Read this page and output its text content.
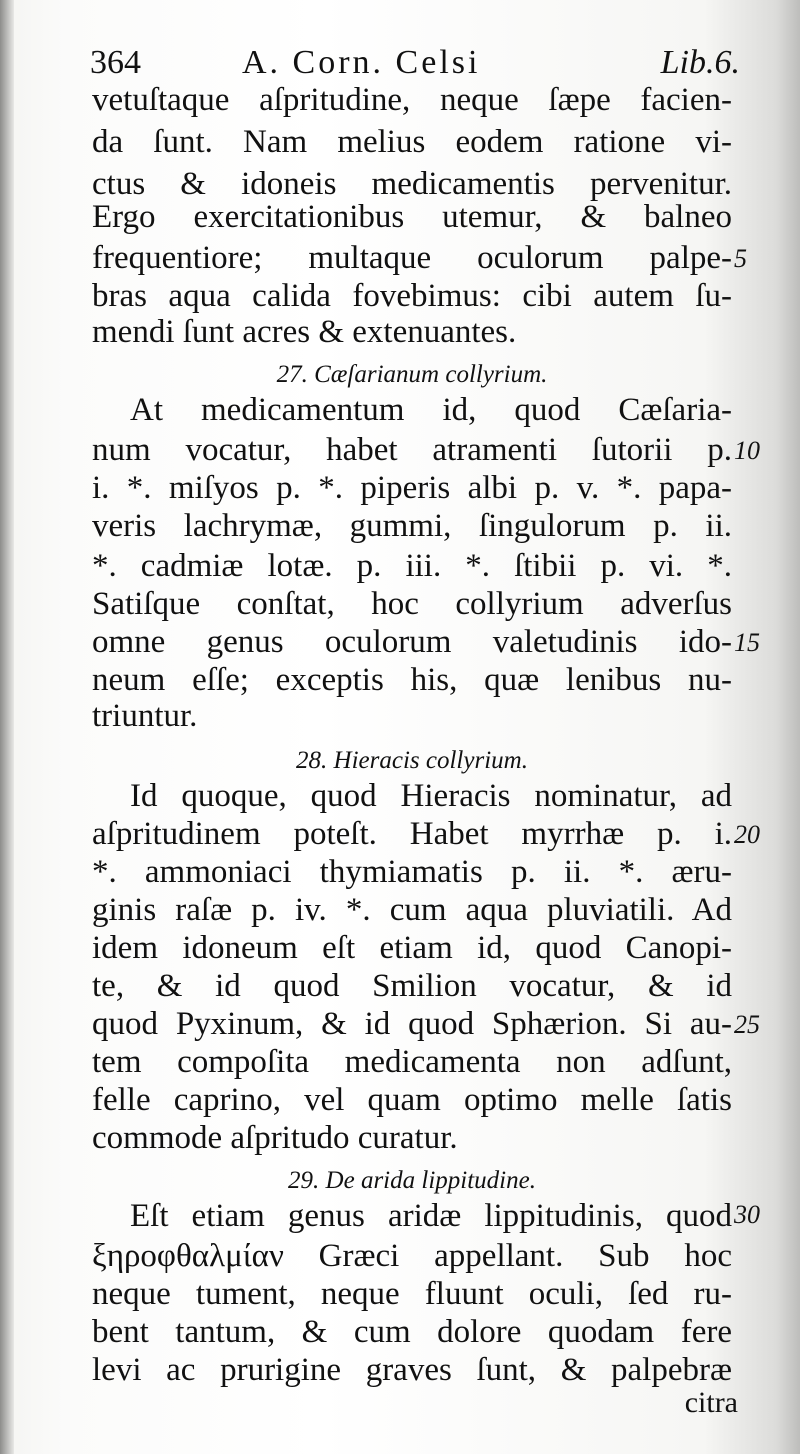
364	A. Corn. Celsi	Lib.6.
vetuſtaque aſpritudine, neque ſæpe facien-
da ſunt. Nam melius eodem ratione vi-
ctus & idoneis medicamentis pervenitur.
Ergo exercitationibus utemur, & balneo
frequentiore; multaque oculorum palpe-
bras aqua calida fovebimus: cibi autem ſu-
mendi ſunt acres & extenuantes.
27. Cæſarianum collyrium.
At medicamentum id, quod Cæſaria-
num vocatur, habet atramenti ſutorii p.
i. *. miſyos p. *. piperis albi p. v. *. papa-
veris lachrymæ, gummi, ſingulorum p. ii.
*. cadmiæ lotæ. p. iii. *. ſtibii p. vi. *.
Satiſque conſtat, hoc collyrium adverſus
omne genus oculorum valetudinis ido-
neum eſſe; exceptis his, quæ lenibus nu-
triuntur.
28. Hieracis collyrium.
Id quoque, quod Hieracis nominatur, ad
aſpritudinem poteſt. Habet myrrhæ p. i.
*. ammoniaci thymiamatis p. ii. *. æru-
ginis raſæ p. iv. *. cum aqua pluviatili. Ad
idem idoneum eſt etiam id, quod Canopi-
te, & id quod Smilion vocatur, & id
quod Pyxinum, & id quod Sphærion. Si au-
tem compoſita medicamenta non adſunt,
felle caprino, vel quam optimo melle ſatis
commode aſpritudo curatur.
29. De arida lippitudine.
Eſt etiam genus aridæ lippitudinis, quod
ξηροφθαλμίαν Græci appellant. Sub hoc
neque tument, neque fluunt oculi, ſed ru-
bent tantum, & cum dolore quodam fere
levi ac prurigine graves ſunt, & palpebræ
citra
5
10
15
20
25
30
